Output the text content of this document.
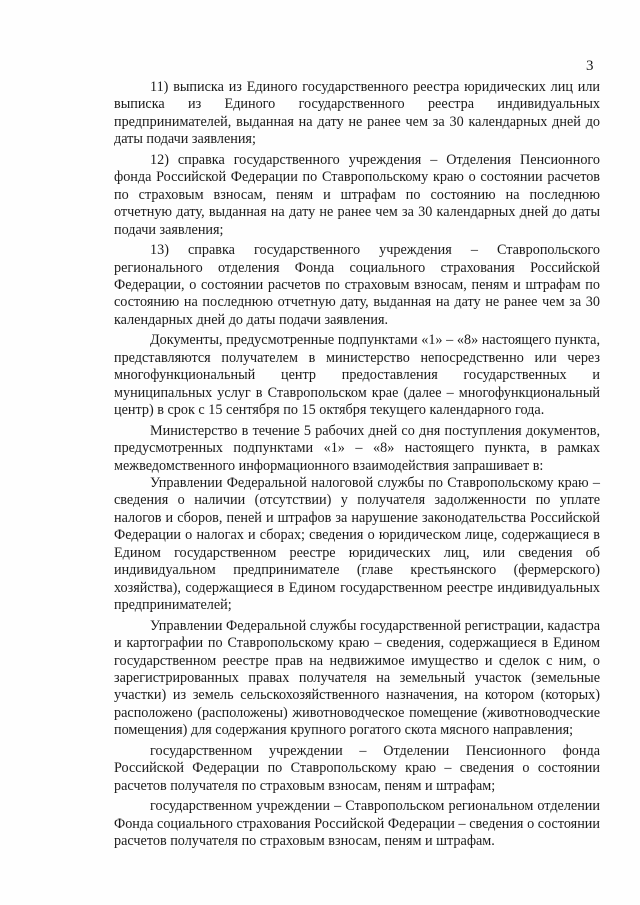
3

11) выписка из Единого государственного реестра юридических лиц или выписка из Единого государственного реестра индивидуальных предпринимателей, выданная на дату не ранее чем за 30 календарных дней до даты подачи заявления;

12) справка государственного учреждения – Отделения Пенсионного фонда Российской Федерации по Ставропольскому краю о состоянии расчетов по страховым взносам, пеням и штрафам по состоянию на последнюю отчетную дату, выданная на дату не ранее чем за 30 календарных дней до даты подачи заявления;

13) справка государственного учреждения – Ставропольского регионального отделения Фонда социального страхования Российской Федерации, о состоянии расчетов по страховым взносам, пеням и штрафам по состоянию на последнюю отчетную дату, выданная на дату не ранее чем за 30 календарных дней до даты подачи заявления.

Документы, предусмотренные подпунктами «1» – «8» настоящего пункта, представляются получателем в министерство непосредственно или через многофункциональный центр предоставления государственных и муниципальных услуг в Ставропольском крае (далее – многофункциональный центр) в срок с 15 сентября по 15 октября текущего календарного года.

Министерство в течение 5 рабочих дней со дня поступления документов, предусмотренных подпунктами «1» – «8» настоящего пункта, в рамках межведомственного информационного взаимодействия запрашивает в:

Управлении Федеральной налоговой службы по Ставропольскому краю – сведения о наличии (отсутствии) у получателя задолженности по уплате налогов и сборов, пеней и штрафов за нарушение законодательства Российской Федерации о налогах и сборах; сведения о юридическом лице, содержащиеся в Едином государственном реестре юридических лиц, или сведения об индивидуальном предпринимателе (главе крестьянского (фермерского) хозяйства), содержащиеся в Едином государственном реестре индивидуальных предпринимателей;

Управлении Федеральной службы государственной регистрации, кадастра и картографии по Ставропольскому краю – сведения, содержащиеся в Едином государственном реестре прав на недвижимое имущество и сделок с ним, о зарегистрированных правах получателя на земельный участок (земельные участки) из земель сельскохозяйственного назначения, на котором (которых) расположено (расположены) животноводческое помещение (животноводческие помещения) для содержания крупного рогатого скота мясного направления;

государственном учреждении – Отделении Пенсионного фонда Российской Федерации по Ставропольскому краю – сведения о состоянии расчетов получателя по страховым взносам, пеням и штрафам;

государственном учреждении – Ставропольском региональном отделении Фонда социального страхования Российской Федерации – сведения о состоянии расчетов получателя по страховым взносам, пеням и штрафам.
